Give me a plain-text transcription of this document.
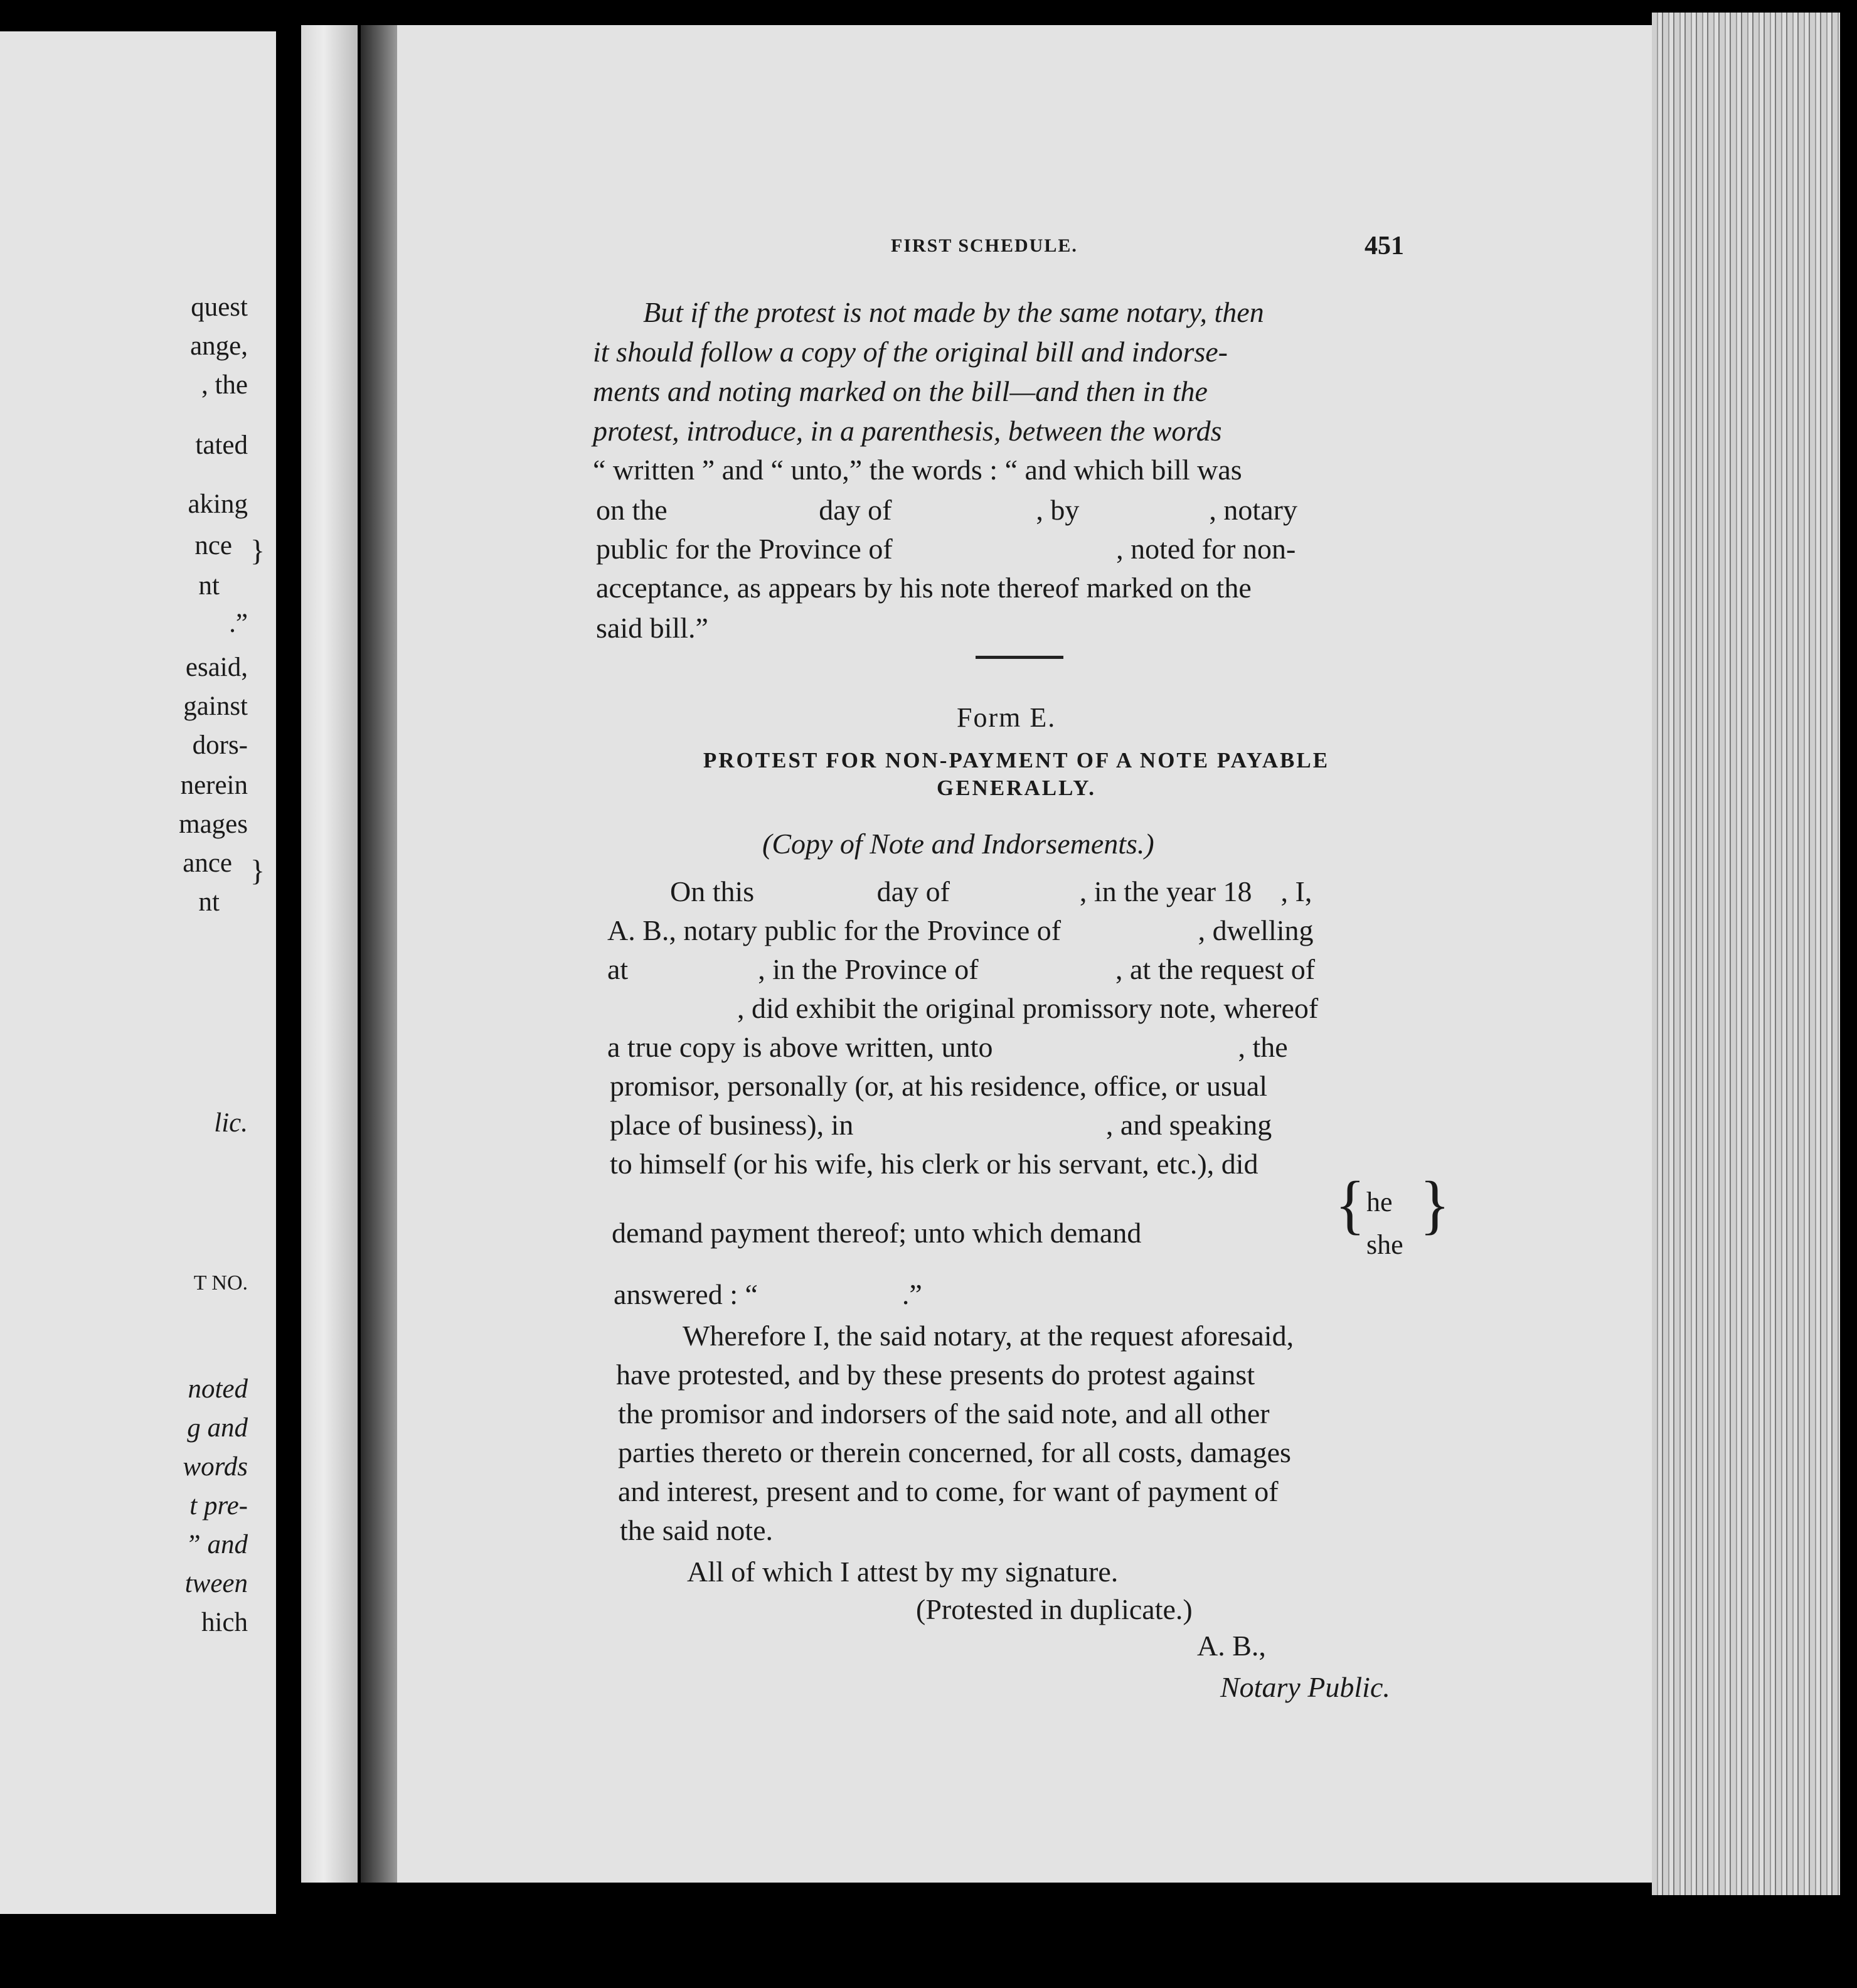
quest
ange,
, the
tated
aking
nce
nt
}
.”
esaid,
gainst
dors-
nerein
mages
ance
nt
}
lic.
T NO.
noted
g and
words
t pre-
” and
tween
hich
FIRST SCHEDULE.	451
But if the protest is not made by the same notary, then
it should follow a copy of the original bill and indorse-
ments and noting marked on the bill—and then in the
protest, introduce, in a parenthesis, between the words
“ written ” and “ unto,” the words : “ and which bill was
on the                     day of                    , by                  , notary
public for the Province of                               , noted for non-
acceptance, as appears by his note thereof marked on the
said bill.”
Form E.
PROTEST FOR NON-PAYMENT OF A NOTE PAYABLE
GENERALLY.
(Copy of Note and Indorsements.)
On this                 day of                  , in the year 18    , I,
A. B., notary public for the Province of                   , dwelling
at                  , in the Province of                   , at the request of
, did exhibit the original promissory note, whereof
a true copy is above written, unto                                  , the
promisor, personally (or, at his residence, office, or usual
place of business), in                                   , and speaking
to himself (or his wife, his clerk or his servant, etc.), did
demand payment thereof; unto which demand	{ he
she
}
answered : “                    .”
Wherefore I, the said notary, at the request aforesaid,
have protested, and by these presents do protest against
the promisor and indorsers of the said note, and all other
parties thereto or therein concerned, for all costs, damages
and interest, present and to come, for want of payment of
the said note.
All of which I attest by my signature.
(Protested in duplicate.)
A. B.,
Notary Public.
